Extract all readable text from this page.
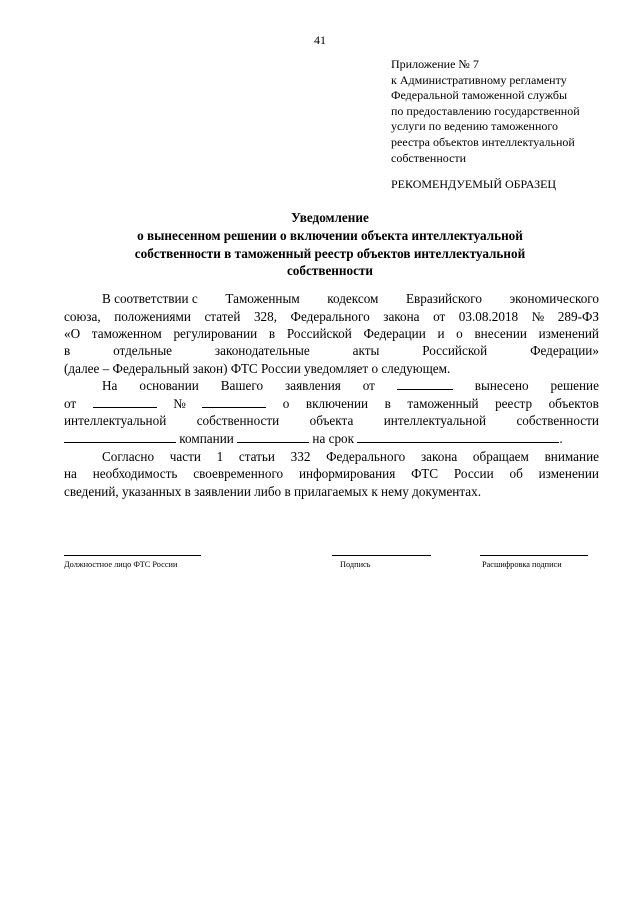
41
Приложение № 7
к Административному регламенту
Федеральной таможенной службы
по предоставлению государственной
услуги по ведению таможенного
реестра объектов интеллектуальной
собственности
РЕКОМЕНДУЕМЫЙ ОБРАЗЕЦ
Уведомление
о вынесенном решении о включении объекта интеллектуальной
собственности в таможенный реестр объектов интеллектуальной
собственности
В соответствии с Таможенным кодексом Евразийского экономического
союза, положениями статей 328, Федерального закона от 03.08.2018 № 289-ФЗ
«О таможенном регулировании в Российской Федерации и о внесении изменений
в	отдельные	законодательные	акты	Российской	Федерации»
(далее – Федеральный закон) ФТС России уведомляет о следующем.
На основании Вашего заявления от	вынесено решение
от	№	о включении в таможенный реестр объектов
интеллектуальной собственности объекта интеллектуальной собственности
компании	на срок	.
Согласно части 1 статьи 332 Федерального закона обращаем внимание
на необходимость своевременного информирования ФТС России об изменении
сведений, указанных в заявлении либо в прилагаемых к нему документах.
Должностное лицо ФТС России	Подпись	Расшифровка подписи
